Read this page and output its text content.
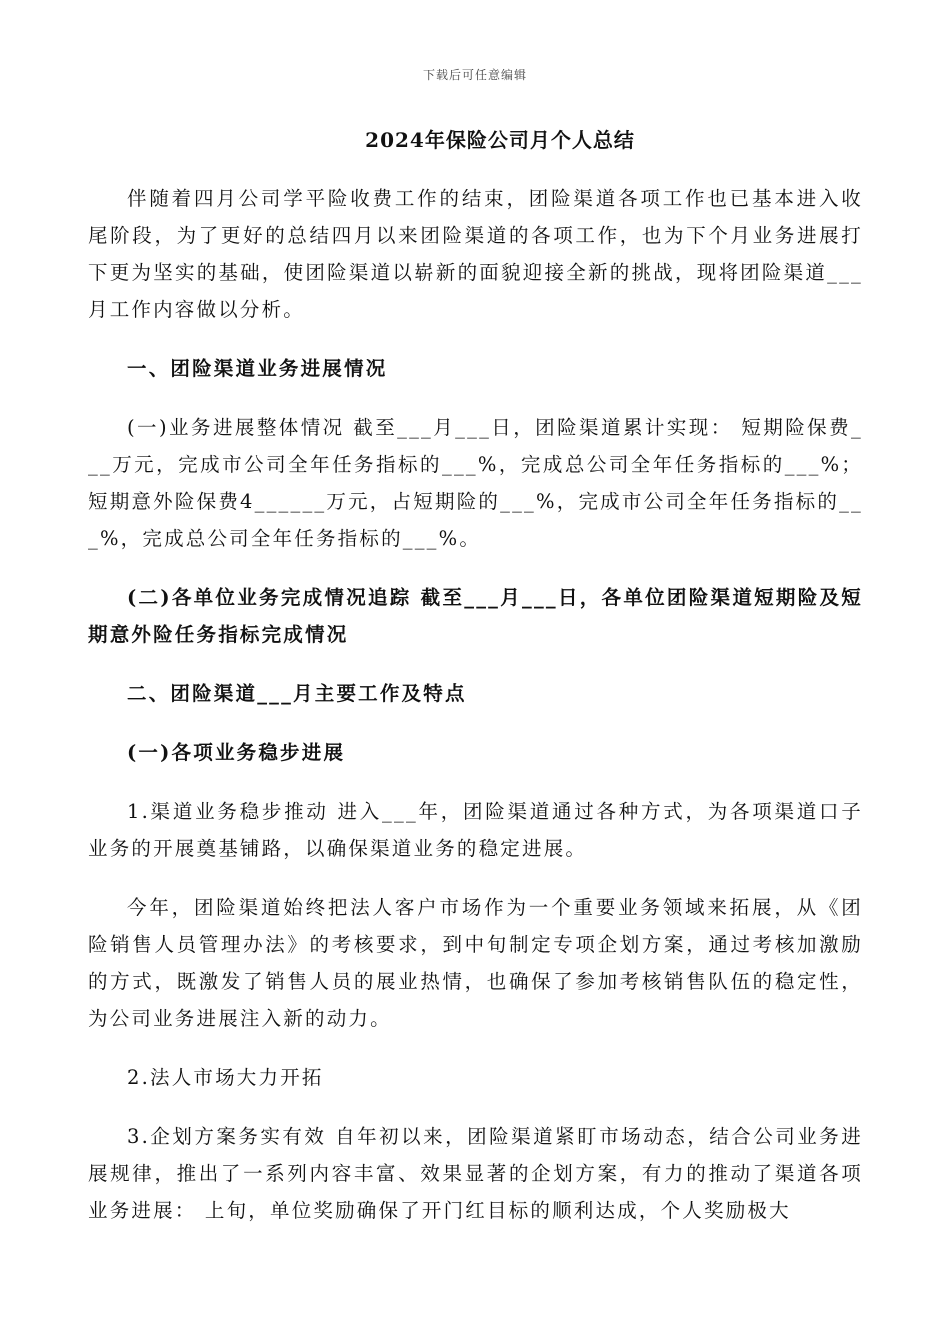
下载后可任意编辑
2024年保险公司月个人总结

伴随着四月公司学平险收费工作的结束，团险渠道各项工作也已基本进入收尾阶段，为了更好的总结四月以来团险渠道的各项工作，也为下个月业务进展打下更为坚实的基础，使团险渠道以崭新的面貌迎接全新的挑战，现将团险渠道___月工作内容做以分析。

一、团险渠道业务进展情况

(一)业务进展整体情况 截至___月___日，团险渠道累计实现： 短期险保费___万元，完成市公司全年任务指标的___%，完成总公司全年任务指标的___%； 短期意外险保费4______万元，占短期险的___%，完成市公司全年任务指标的___%，完成总公司全年任务指标的___%。

(二)各单位业务完成情况追踪 截至___月___日，各单位团险渠道短期险及短期意外险任务指标完成情况

二、团险渠道___月主要工作及特点

(一)各项业务稳步进展

1.渠道业务稳步推动 进入___年，团险渠道通过各种方式，为各项渠道口子业务的开展奠基铺路，以确保渠道业务的稳定进展。

今年，团险渠道始终把法人客户市场作为一个重要业务领域来拓展，从《团险销售人员管理办法》的考核要求，到中旬制定专项企划方案，通过考核加激励的方式，既激发了销售人员的展业热情，也确保了参加考核销售队伍的稳定性，为公司业务进展注入新的动力。

2.法人市场大力开拓

3.企划方案务实有效 自年初以来，团险渠道紧盯市场动态，结合公司业务进展规律，推出了一系列内容丰富、效果显著的企划方案，有力的推动了渠道各项业务进展： 上旬，单位奖励确保了开门红目标的顺利达成，个人奖励极大
